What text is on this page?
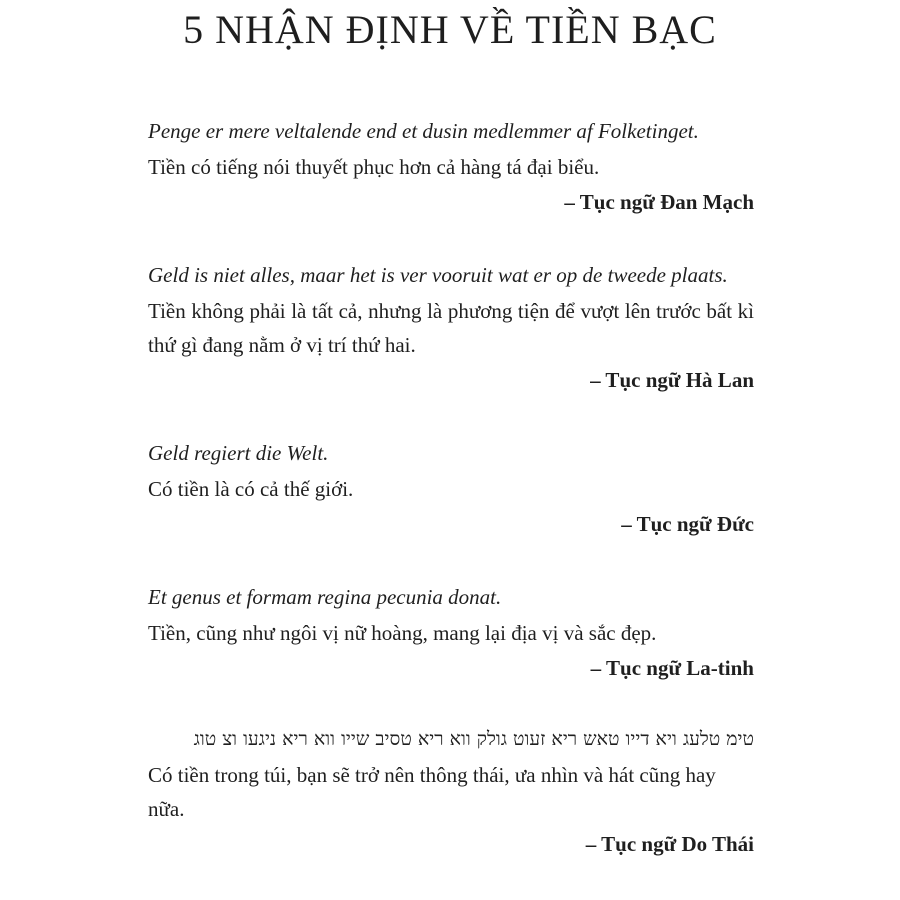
5 NHẬN ĐỊNH VỀ TIỀN BẠC
Penge er mere veltalende end et dusin medlemmer af Folketinget.
Tiền có tiếng nói thuyết phục hơn cả hàng tá đại biểu.
– Tục ngữ Đan Mạch
Geld is niet alles, maar het is ver vooruit wat er op de tweede plaats.
Tiền không phải là tất cả, nhưng là phương tiện để vượt lên trước bất kì thứ gì đang nằm ở vị trí thứ hai.
– Tục ngữ Hà Lan
Geld regiert die Welt.
Có tiền là có cả thế giới.
– Tục ngữ Đức
Et genus et formam regina pecunia donat.
Tiền, cũng như ngôi vị nữ hoàng, mang lại địa vị và sắc đẹp.
– Tục ngữ La-tinh
טימ טלעג ויא דייו טאש ריא זעוט גולק ווא ריא טסיב שייו ווא ריא ניגעו וצ טוג
Có tiền trong túi, bạn sẽ trở nên thông thái, ưa nhìn và hát cũng hay nữa.
– Tục ngữ Do Thái
